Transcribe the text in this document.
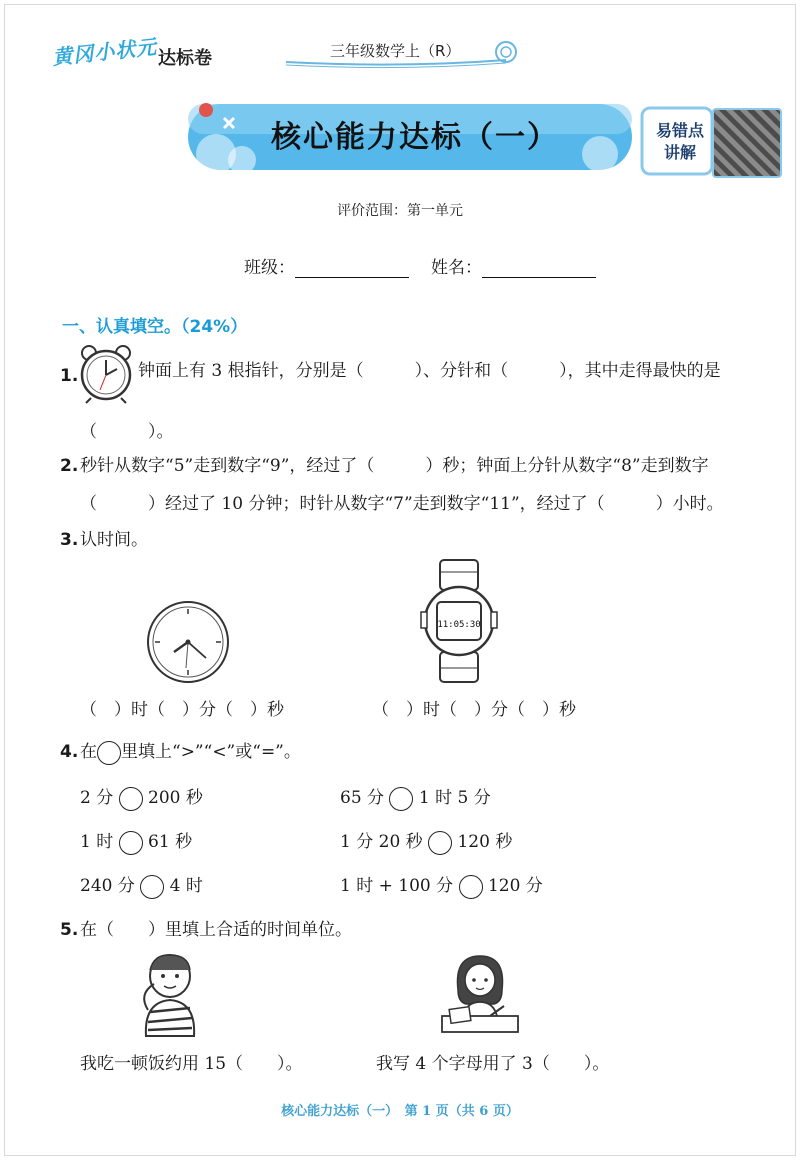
黄冈小状元 达标卷	三年级数学上（R）
核心能力达标（一）	易错点
讲解
评价范围：第一单元
班级：	姓名：
一、认真填空。（24%）
1.	钟面上有 3 根指针，分别是（　　　）、分针和（　　　），其中走得最快的是
（　　　）。
2. 秒针从数字“5”走到数字“9”，经过了（　　　）秒；钟面上分针从数字“8”走到数字
（　　　）经过了 10 分钟；时针从数字“7”走到数字“11”，经过了（　　　）小时。
3. 认时间。
11:05:30
（　）时（　）分（　）秒	（　）时（　）分（　）秒
4. 在 里填上“>”“<”或“=”。
2 分 200 秒	65 分 1 时 5 分
1 时 61 秒	1 分 20 秒 120 秒
240 分 4 时	1 时 + 100 分 120 分
5. 在（　　）里填上合适的时间单位。
我吃一顿饭约用 15（　　）。	我写 4 个字母用了 3（　　）。
核心能力达标（一）　第 1 页（共 6 页）
